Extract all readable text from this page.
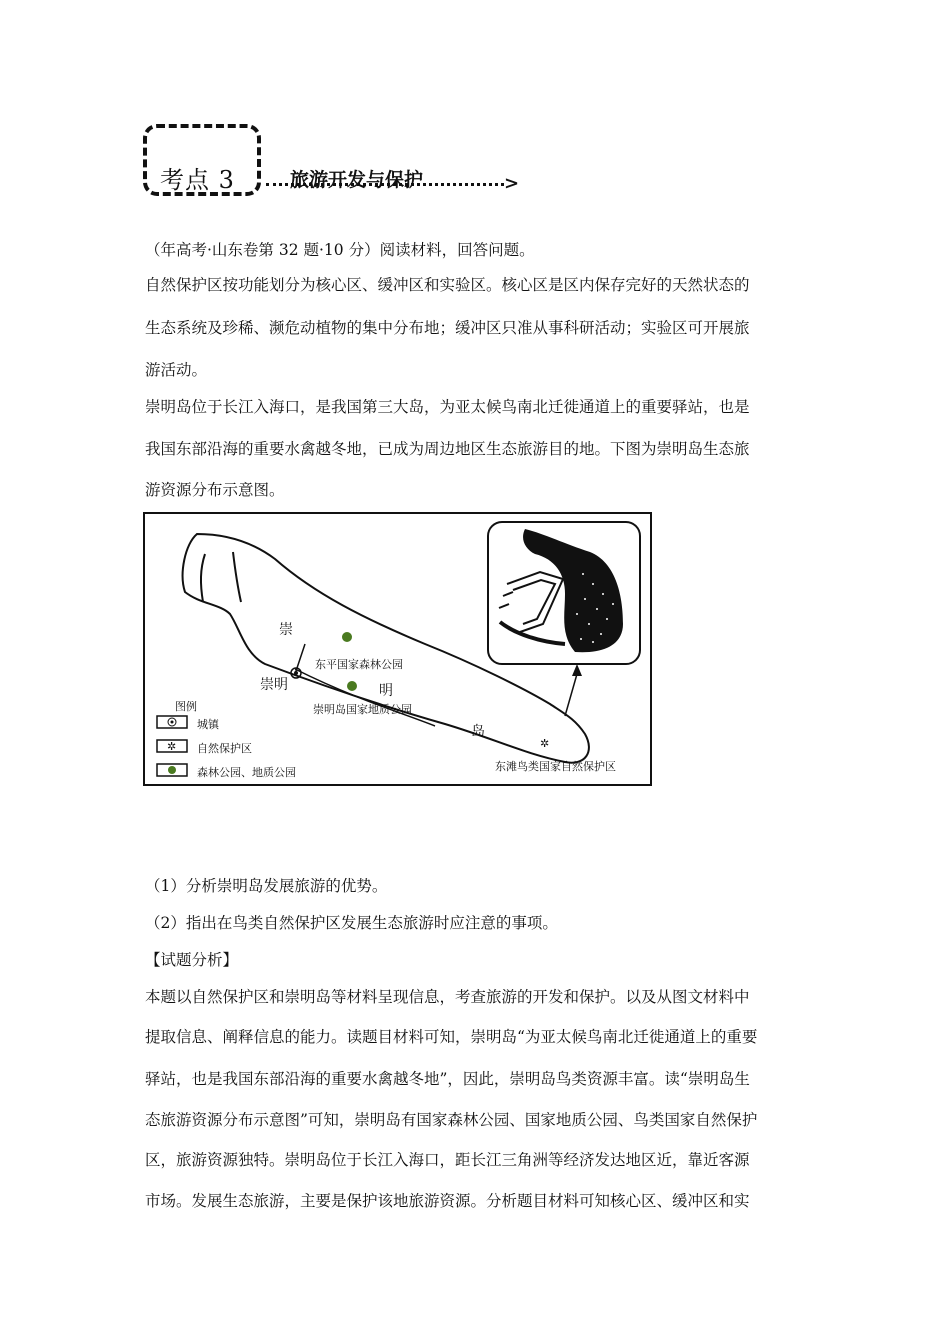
考点 3	旅游开发与保护	>
（年高考·山东卷第 32 题·10 分）阅读材料，回答问题。
自然保护区按功能划分为核心区、缓冲区和实验区。核心区是区内保存完好的天然状态的
生态系统及珍稀、濒危动植物的集中分布地；缓冲区只准从事科研活动；实验区可开展旅
游活动。
崇明岛位于长江入海口，是我国第三大岛，为亚太候鸟南北迁徙通道上的重要驿站，也是
我国东部沿海的重要水禽越冬地，已成为周边地区生态旅游目的地。下图为崇明岛生态旅
游资源分布示意图。
崇
明
岛
崇明
东平国家森林公园
崇明岛国家地质公园
✲
东滩鸟类国家自然保护区
图例
城镇
✲ 自然保护区
森林公园、地质公园
（1）分析崇明岛发展旅游的优势。
（2）指出在鸟类自然保护区发展生态旅游时应注意的事项。
【试题分析】
本题以自然保护区和崇明岛等材料呈现信息，考查旅游的开发和保护。以及从图文材料中
提取信息、阐释信息的能力。读题目材料可知，崇明岛“为亚太候鸟南北迁徙通道上的重要
驿站，也是我国东部沿海的重要水禽越冬地”，因此，崇明岛鸟类资源丰富。读“崇明岛生
态旅游资源分布示意图”可知，崇明岛有国家森林公园、国家地质公园、鸟类国家自然保护
区，旅游资源独特。崇明岛位于长江入海口，距长江三角洲等经济发达地区近，靠近客源
市场。发展生态旅游，主要是保护该地旅游资源。分析题目材料可知核心区、缓冲区和实
